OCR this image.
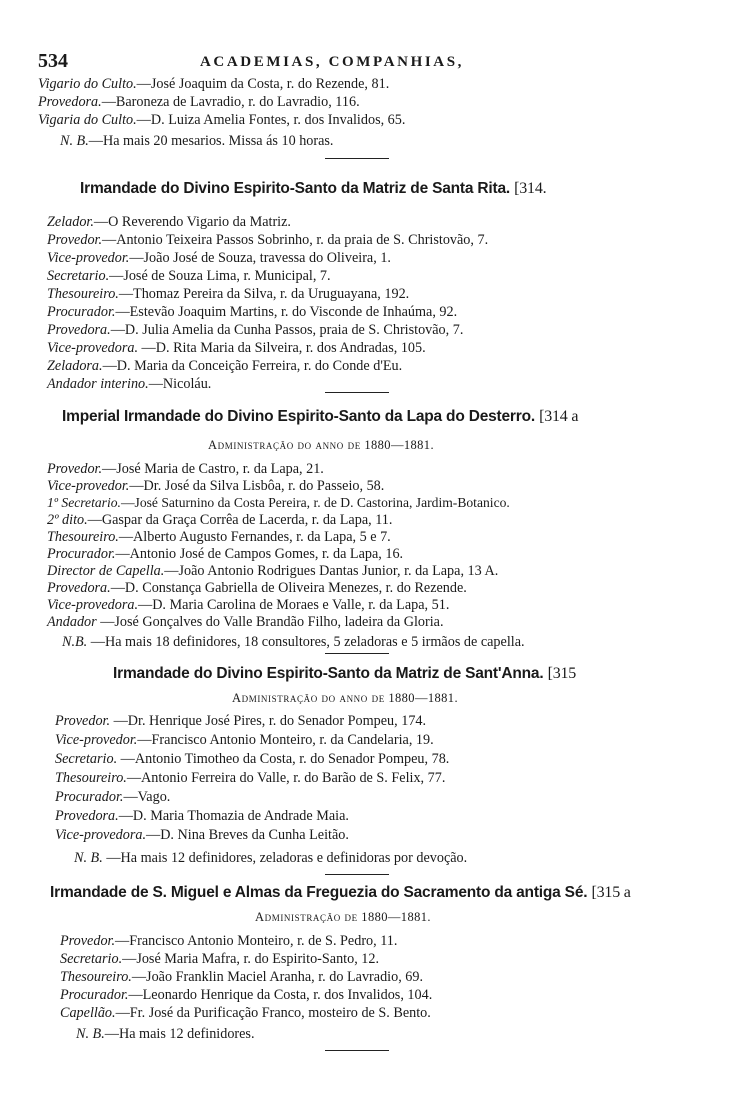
534	ACADEMIAS, COMPANHIAS,
Vigario do Culto.—José Joaquim da Costa, r. do Rezende, 81.
Provedora.—Baroneza de Lavradio, r. do Lavradio, 116.
Vigaria do Culto.—D. Luiza Amelia Fontes, r. dos Invalidos, 65.
N. B.—Ha mais 20 mesarios. Missa ás 10 horas.
Irmandade do Divino Espirito-Santo da Matriz de Santa Rita. [314.
Zelador.—O Reverendo Vigario da Matriz.
Provedor.—Antonio Teixeira Passos Sobrinho, r. da praia de S. Christovão, 7.
Vice-provedor.—João José de Souza, travessa do Oliveira, 1.
Secretario.—José de Souza Lima, r. Municipal, 7.
Thesoureiro.—Thomaz Pereira da Silva, r. da Uruguayana, 192.
Procurador.—Estevão Joaquim Martins, r. do Visconde de Inhaúma, 92.
Provedora.—D. Julia Amelia da Cunha Passos, praia de S. Christovão, 7.
Vice-provedora. —D. Rita Maria da Silveira, r. dos Andradas, 105.
Zeladora.—D. Maria da Conceição Ferreira, r. do Conde d'Eu.
Andador interino.—Nicoláu.
Imperial Irmandade do Divino Espirito-Santo da Lapa do Desterro. [314 a
Administração do anno de 1880—1881.
Provedor.—José Maria de Castro, r. da Lapa, 21.
Vice-provedor.—Dr. José da Silva Lisbôa, r. do Passeio, 58.
1º Secretario.—José Saturnino da Costa Pereira, r. de D. Castorina, Jardim-Botanico.
2º dito.—Gaspar da Graça Corrêa de Lacerda, r. da Lapa, 11.
Thesoureiro.—Alberto Augusto Fernandes, r. da Lapa, 5 e 7.
Procurador.—Antonio José de Campos Gomes, r. da Lapa, 16.
Director de Capella.—João Antonio Rodrigues Dantas Junior, r. da Lapa, 13 A.
Provedora.—D. Constança Gabriella de Oliveira Menezes, r. do Rezende.
Vice-provedora.—D. Maria Carolina de Moraes e Valle, r. da Lapa, 51.
Andador —José Gonçalves do Valle Brandão Filho, ladeira da Gloria.
N.B. —Ha mais 18 definidores, 18 consultores, 5 zeladoras e 5 irmãos de capella.
Irmandade do Divino Espirito-Santo da Matriz de Sant'Anna. [315
Administração do anno de 1880—1881.
Provedor. —Dr. Henrique José Pires, r. do Senador Pompeu, 174.
Vice-provedor.—Francisco Antonio Monteiro, r. da Candelaria, 19.
Secretario. —Antonio Timotheo da Costa, r. do Senador Pompeu, 78.
Thesoureiro.—Antonio Ferreira do Valle, r. do Barão de S. Felix, 77.
Procurador.—Vago.
Provedora.—D. Maria Thomazia de Andrade Maia.
Vice-provedora.—D. Nina Breves da Cunha Leitão.
N. B. —Ha mais 12 definidores, zeladoras e definidoras por devoção.
Irmandade de S. Miguel e Almas da Freguezia do Sacramento da antiga Sé. [315 a
Administração de 1880—1881.
Provedor.—Francisco Antonio Monteiro, r. de S. Pedro, 11.
Secretario.—José Maria Mafra, r. do Espirito-Santo, 12.
Thesoureiro.—João Franklin Maciel Aranha, r. do Lavradio, 69.
Procurador.—Leonardo Henrique da Costa, r. dos Invalidos, 104.
Capellão.—Fr. José da Purificação Franco, mosteiro de S. Bento.
N. B.—Ha mais 12 definidores.
